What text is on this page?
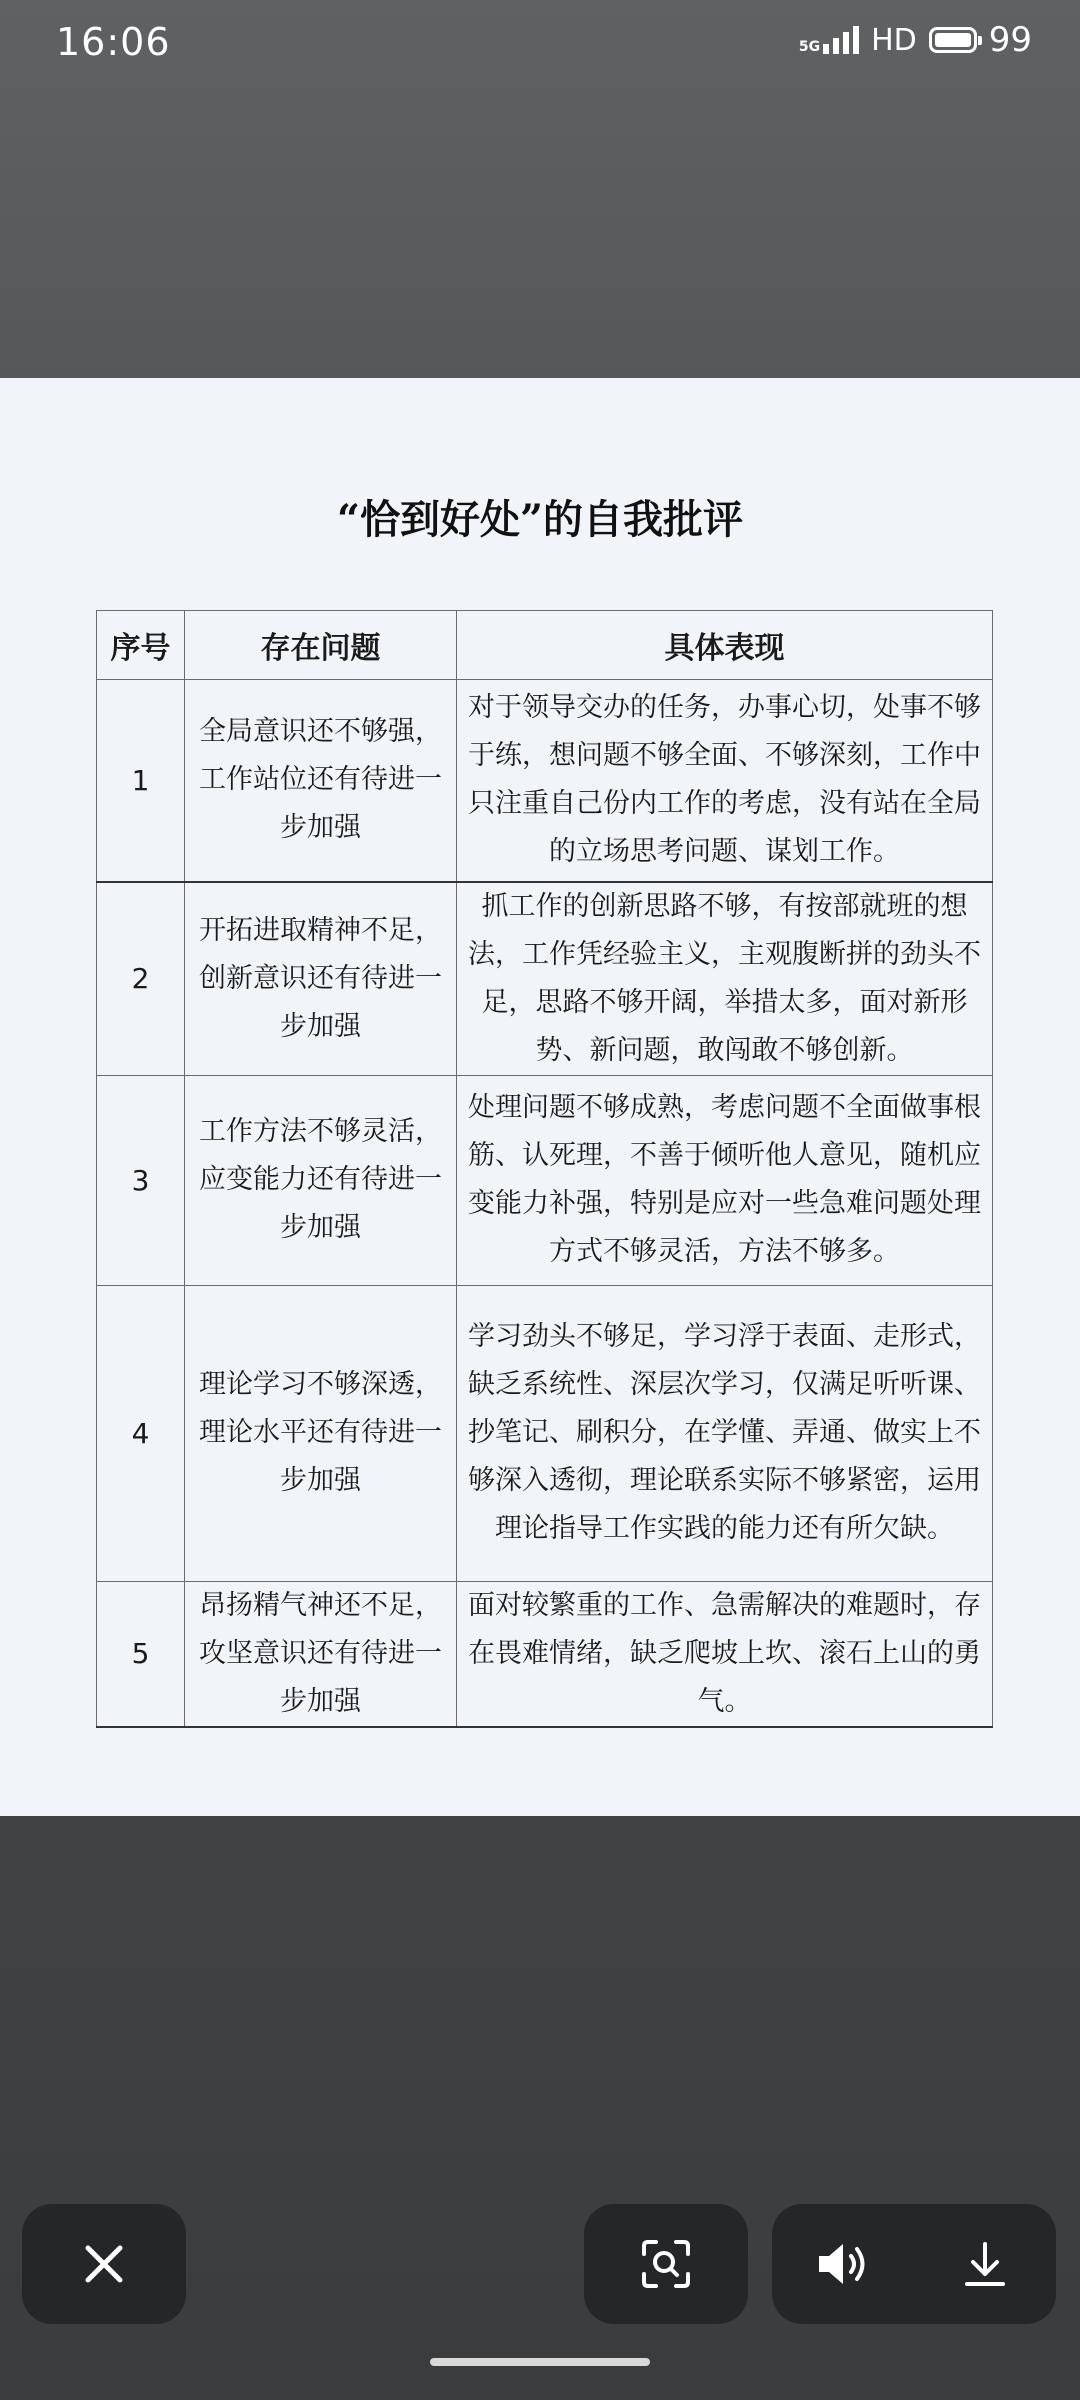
16:06	5G HD 99
“恰到好处”的自我批评
序号	存在问题	具体表现
1	全局意识还不够强，工作站位还有待进一步加强	对于领导交办的任务，办事心切，处事不够于练，想问题不够全面、不够深刻，工作中只注重自己份内工作的考虑，没有站在全局的立场思考问题、谋划工作。
2	开拓进取精神不足，创新意识还有待进一步加强	抓工作的创新思路不够，有按部就班的想法，工作凭经验主义，主观腹断拼的劲头不足，思路不够开阔，举措太多，面对新形势、新问题，敢闯敢不够创新。
3	工作方法不够灵活，应变能力还有待进一步加强	处理问题不够成熟，考虑问题不全面做事根筋、认死理，不善于倾听他人意见，随机应变能力补强，特别是应对一些急难问题处理方式不够灵活，方法不够多。
4	理论学习不够深透，理论水平还有待进一步加强	学习劲头不够足，学习浮于表面、走形式，缺乏系统性、深层次学习，仅满足听听课、抄笔记、刷积分，在学懂、弄通、做实上不够深入透彻，理论联系实际不够紧密，运用理论指导工作实践的能力还有所欠缺。
5	昂扬精气神还不足，攻坚意识还有待进一步加强	面对较繁重的工作、急需解决的难题时，存在畏难情绪，缺乏爬坡上坎、滚石上山的勇气。
